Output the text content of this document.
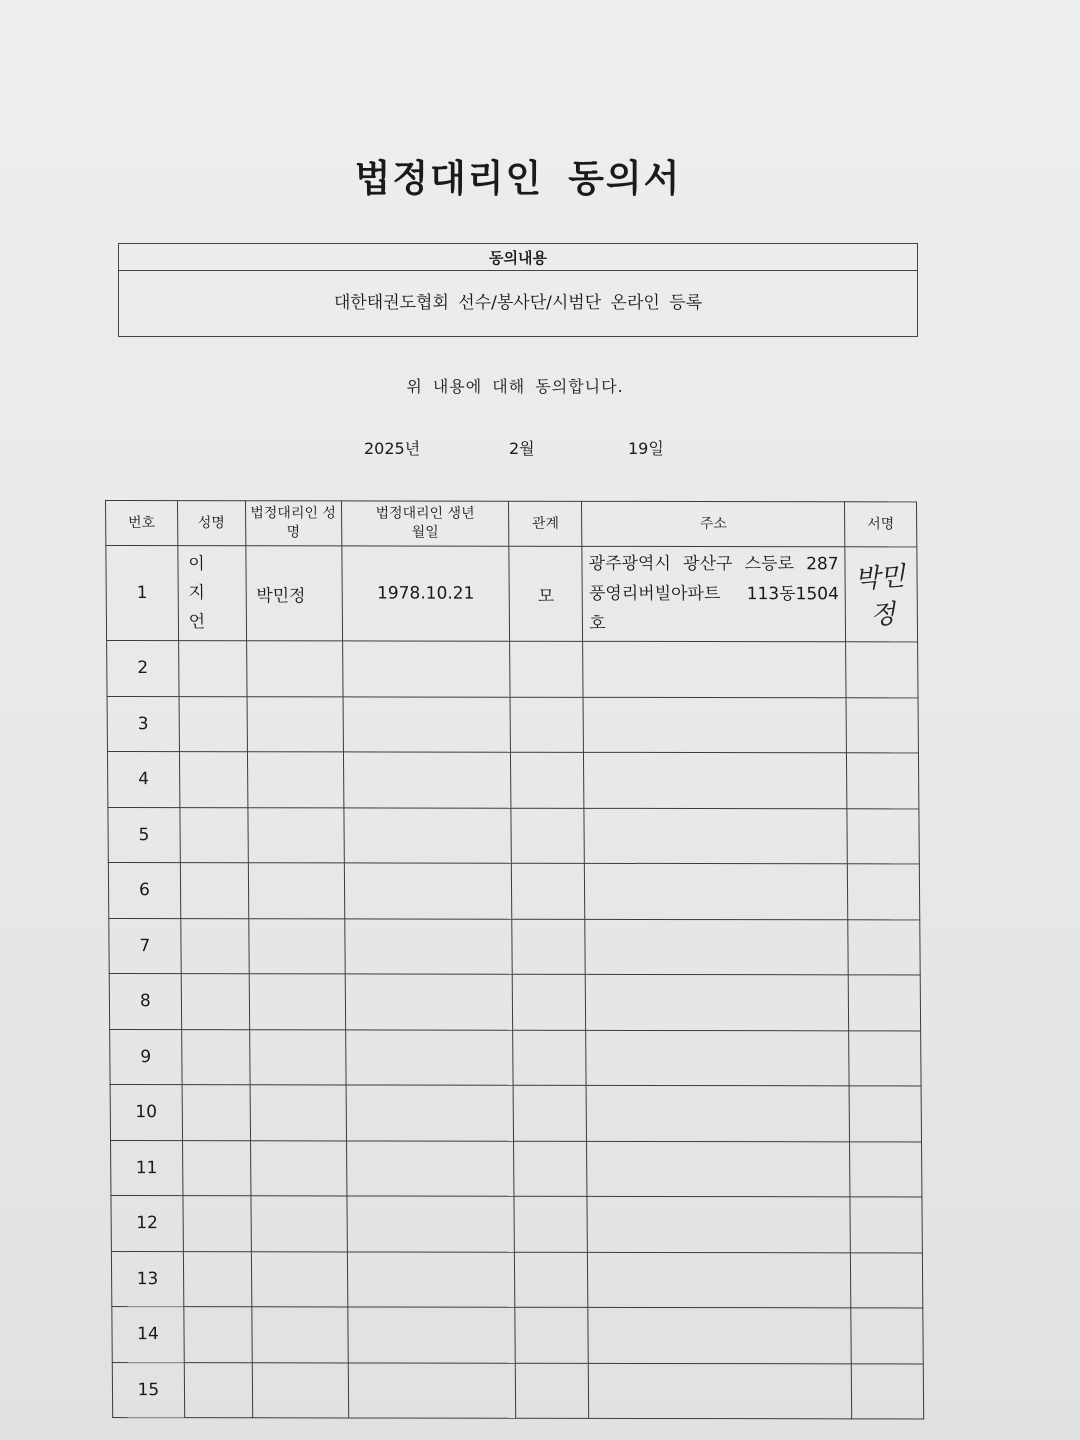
법정대리인 동의서
동의내용
대한태권도협회 선수/봉사단/시범단 온라인 등록
위 내용에 대해 동의합니다.
2025년	2월	19일
번호	성명	법정대리인 성명	법정대리인 생년월일	관계	주소	서명
1	이 지 언	박민정	1978.10.21	모	광주광역시 광산구 스등로 287 풍영리버빌아파트 113동1504호	박민정
2						
3						
4						
5						
6						
7						
8						
9						
10						
11						
12						
13						
14						
15						
